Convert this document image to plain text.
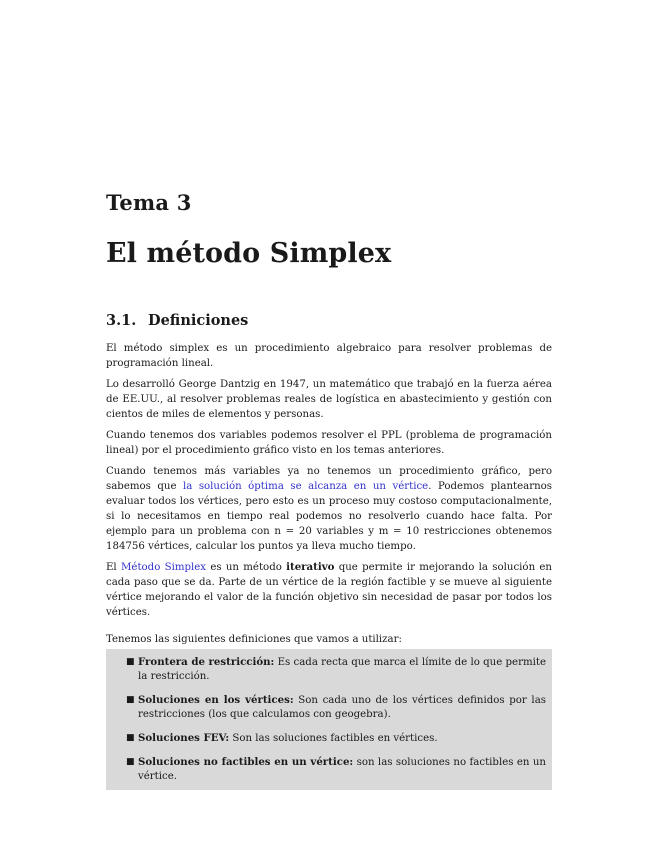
Tema 3
El método Simplex
3.1. Definiciones

El método simplex es un procedimiento algebraico para resolver problemas de programación lineal.

Lo desarrolló George Dantzig en 1947, un matemático que trabajó en la fuerza aérea de EE.UU., al resolver problemas reales de logística en abastecimiento y gestión con cientos de miles de elementos y personas.

Cuando tenemos dos variables podemos resolver el PPL (problema de programación lineal) por el procedimiento gráfico visto en los temas anteriores.

Cuando tenemos más variables ya no tenemos un procedimiento gráfico, pero sabemos que la solución óptima se alcanza en un vértice. Podemos plantearnos evaluar todos los vértices, pero esto es un proceso muy costoso computacionalmente, si lo necesitamos en tiempo real podemos no resolverlo cuando hace falta. Por ejemplo para un problema con n = 20 variables y m = 10 restricciones obtenemos 184756 vértices, calcular los puntos ya lleva mucho tiempo.

El Método Simplex es un método iterativo que permite ir mejorando la solución en cada paso que se da. Parte de un vértice de la región factible y se mueve al siguiente vértice mejorando el valor de la función objetivo sin necesidad de pasar por todos los vértices.

Tenemos las siguientes definiciones que vamos a utilizar:

■ Frontera de restricción: Es cada recta que marca el límite de lo que permite la restricción.
■ Soluciones en los vértices: Son cada uno de los vértices definidos por las restricciones (los que calculamos con geogebra).
■ Soluciones FEV: Son las soluciones factibles en vértices.
■ Soluciones no factibles en un vértice: son las soluciones no factibles en un vértice.
